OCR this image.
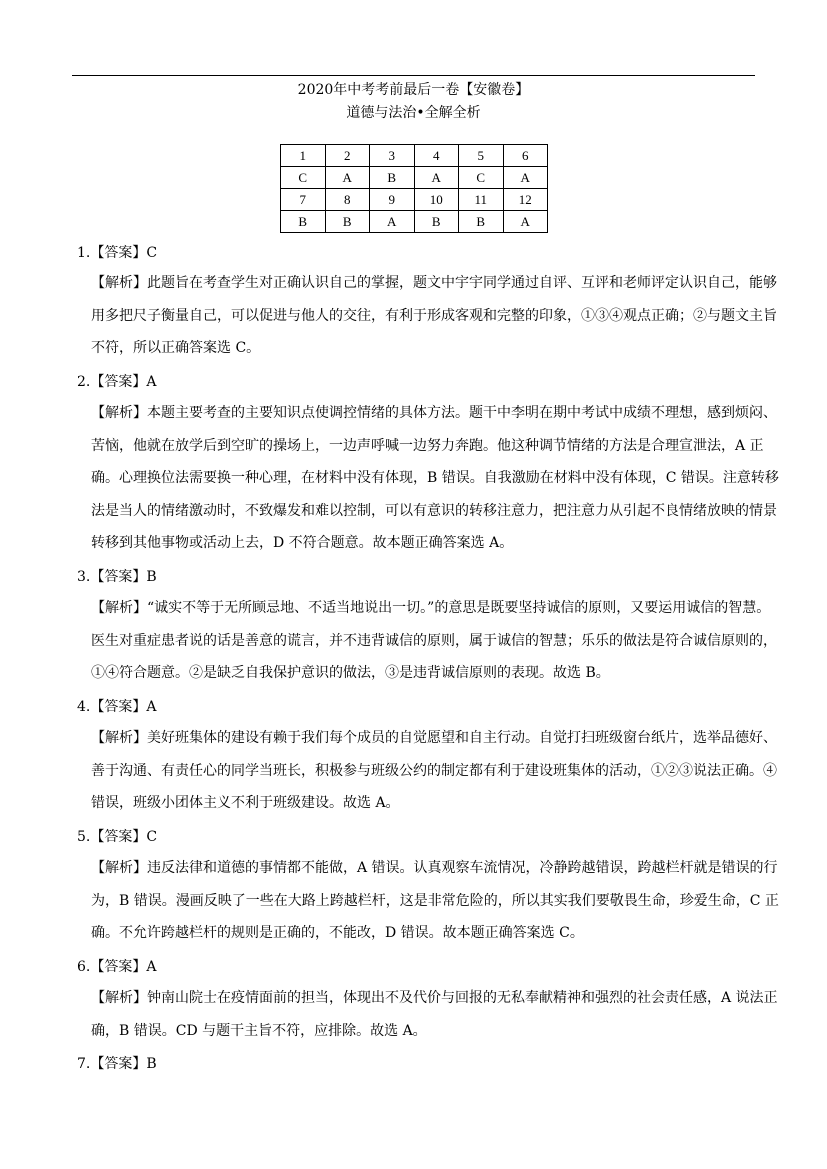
2020年中考考前最后一卷【安徽卷】
道德与法治•全解全析
1	2	3	4	5	6
C	A	B	A	C	A
7	8	9	10	11	12
B	B	A	B	B	A
1.【答案】C
【解析】此题旨在考查学生对正确认识自己的掌握，题文中宇宇同学通过自评、互评和老师评定认识自己，能够用多把尺子衡量自己，可以促进与他人的交往，有利于形成客观和完整的印象，①③④观点正确；②与题文主旨不符，所以正确答案选 C。
2.【答案】A
【解析】本题主要考查的主要知识点使调控情绪的具体方法。题干中李明在期中考试中成绩不理想，感到烦闷、苦恼，他就在放学后到空旷的操场上，一边声呼喊一边努力奔跑。他这种调节情绪的方法是合理宣泄法，A 正确。心理换位法需要换一种心理，在材料中没有体现，B 错误。自我激励在材料中没有体现，C 错误。注意转移法是当人的情绪激动时，不致爆发和难以控制，可以有意识的转移注意力，把注意力从引起不良情绪放映的情景转移到其他事物或活动上去，D 不符合题意。故本题正确答案选 A。
3.【答案】B
【解析】“诚实不等于无所顾忌地、不适当地说出一切。”的意思是既要坚持诚信的原则，又要运用诚信的智慧。医生对重症患者说的话是善意的谎言，并不违背诚信的原则，属于诚信的智慧；乐乐的做法是符合诚信原则的，①④符合题意。②是缺乏自我保护意识的做法，③是违背诚信原则的表现。故选 B。
4.【答案】A
【解析】美好班集体的建设有赖于我们每个成员的自觉愿望和自主行动。自觉打扫班级窗台纸片，选举品德好、善于沟通、有责任心的同学当班长，积极参与班级公约的制定都有利于建设班集体的活动，①②③说法正确。④错误，班级小团体主义不利于班级建设。故选 A。
5.【答案】C
【解析】违反法律和道德的事情都不能做，A 错误。认真观察车流情况，冷静跨越错误，跨越栏杆就是错误的行为，B 错误。漫画反映了一些在大路上跨越栏杆，这是非常危险的，所以其实我们要敬畏生命，珍爱生命，C 正确。不允许跨越栏杆的规则是正确的，不能改，D 错误。故本题正确答案选 C。
6.【答案】A
【解析】钟南山院士在疫情面前的担当，体现出不及代价与回报的无私奉献精神和强烈的社会责任感，A 说法正确，B 错误。CD 与题干主旨不符，应排除。故选 A。
7.【答案】B
